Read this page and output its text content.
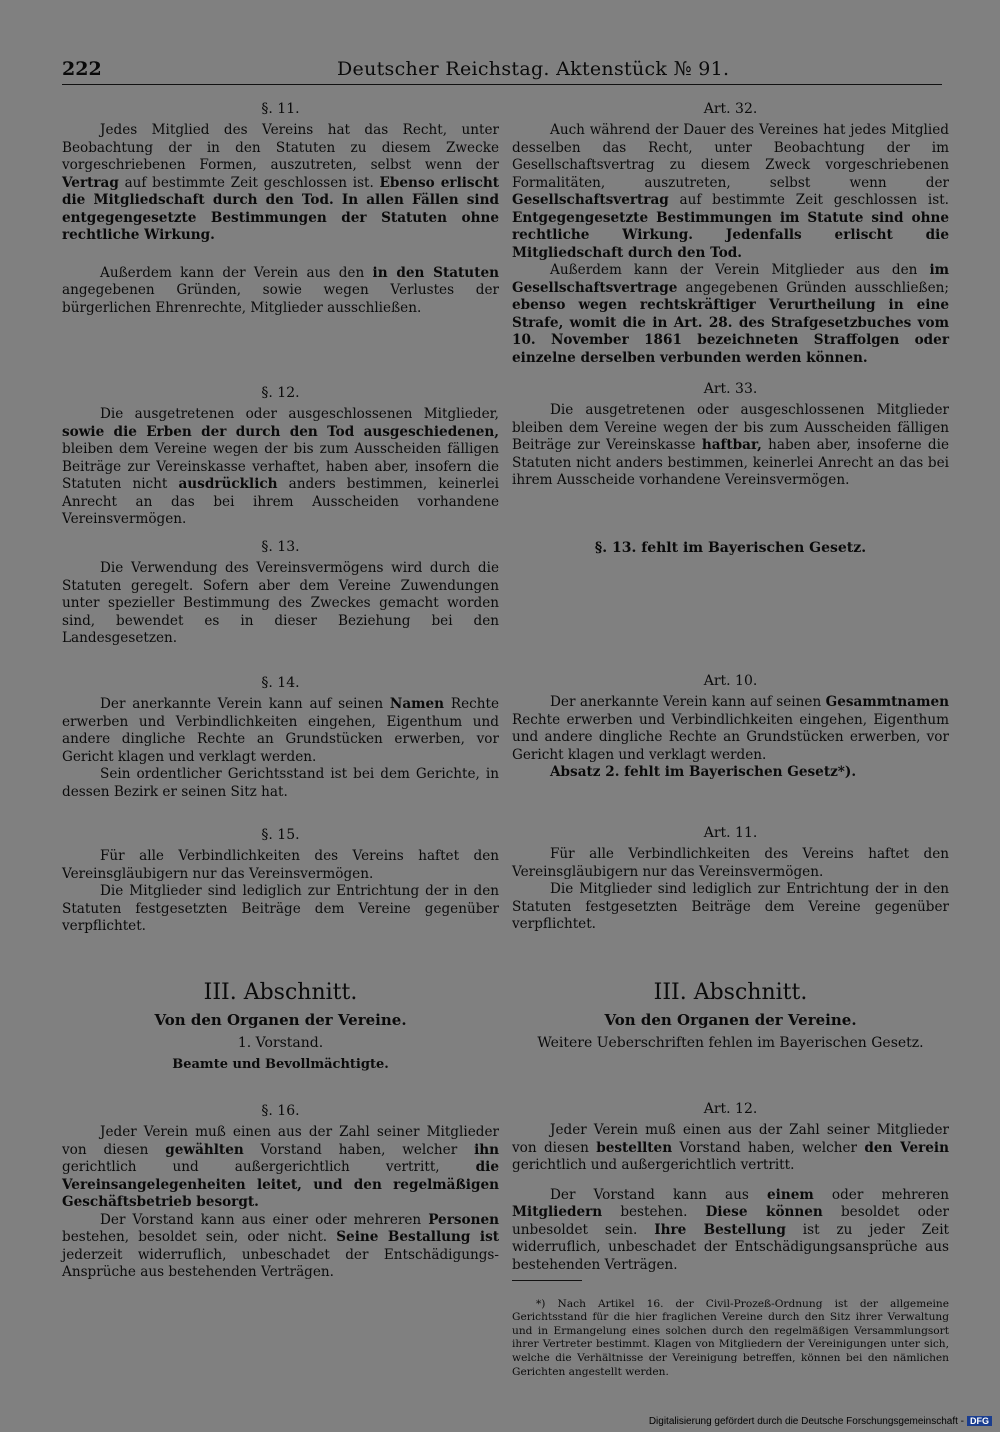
222	Deutscher Reichstag. Aktenstück № 91.
§. 11.

Jedes Mitglied des Vereins hat das Recht, unter Beobachtung der in den Statuten zu diesem Zwecke vorgeschriebenen Formen, auszutreten, selbst wenn der Vertrag auf bestimmte Zeit geschlossen ist. Ebenso erlischt die Mitgliedschaft durch den Tod. In allen Fällen sind entgegengesetzte Bestimmungen der Statuten ohne rechtliche Wirkung.

Außerdem kann der Verein aus den in den Statuten angegebenen Gründen, sowie wegen Verlustes der bürgerlichen Ehrenrechte, Mitglieder ausschließen.

§. 12.

Die ausgetretenen oder ausgeschlossenen Mitglieder, sowie die Erben der durch den Tod ausgeschiedenen, bleiben dem Vereine wegen der bis zum Ausscheiden fälligen Beiträge zur Vereinskasse verhaftet, haben aber, insofern die Statuten nicht ausdrücklich anders bestimmen, keinerlei Anrecht an das bei ihrem Ausscheiden vorhandene Vereinsvermögen.

§. 13.

Die Verwendung des Vereinsvermögens wird durch die Statuten geregelt. Sofern aber dem Vereine Zuwendungen unter spezieller Bestimmung des Zweckes gemacht worden sind, bewendet es in dieser Beziehung bei den Landesgesetzen.

§. 14.

Der anerkannte Verein kann auf seinen Namen Rechte erwerben und Verbindlichkeiten eingehen, Eigenthum und andere dingliche Rechte an Grundstücken erwerben, vor Gericht klagen und verklagt werden.

Sein ordentlicher Gerichtsstand ist bei dem Gerichte, in dessen Bezirk er seinen Sitz hat.

§. 15.

Für alle Verbindlichkeiten des Vereins haftet den Vereinsgläubigern nur das Vereinsvermögen.

Die Mitglieder sind lediglich zur Entrichtung der in den Statuten festgesetzten Beiträge dem Vereine gegenüber verpflichtet.

III. Abschnitt.
Von den Organen der Vereine.
1. Vorstand.
Beamte und Bevollmächtigte.
§. 16.

Jeder Verein muß einen aus der Zahl seiner Mitglieder von diesen gewählten Vorstand haben, welcher ihn gerichtlich und außergerichtlich vertritt, die Vereinsangelegenheiten leitet, und den regelmäßigen Geschäftsbetrieb besorgt.

Der Vorstand kann aus einer oder mehreren Personen bestehen, besoldet sein, oder nicht. Seine Bestallung ist jederzeit widerruflich, unbeschadet der Entschädigungs-Ansprüche aus bestehenden Verträgen.

Art. 32.

Auch während der Dauer des Vereines hat jedes Mitglied desselben das Recht, unter Beobachtung der im Gesellschaftsvertrag zu diesem Zweck vorgeschriebenen Formalitäten, auszutreten, selbst wenn der Gesellschaftsvertrag auf bestimmte Zeit geschlossen ist. Entgegengesetzte Bestimmungen im Statute sind ohne rechtliche Wirkung. Jedenfalls erlischt die Mitgliedschaft durch den Tod.

Außerdem kann der Verein Mitglieder aus den im Gesellschaftsvertrage angegebenen Gründen ausschließen; ebenso wegen rechtskräftiger Verurtheilung in eine Strafe, womit die in Art. 28. des Strafgesetzbuches vom 10. November 1861 bezeichneten Straffolgen oder einzelne derselben verbunden werden können.

Art. 33.

Die ausgetretenen oder ausgeschlossenen Mitglieder bleiben dem Vereine wegen der bis zum Ausscheiden fälligen Beiträge zur Vereinskasse haftbar, haben aber, insoferne die Statuten nicht anders bestimmen, keinerlei Anrecht an das bei ihrem Ausscheide vorhandene Vereinsvermögen.

§. 13. fehlt im Bayerischen Gesetz.
Art. 10.

Der anerkannte Verein kann auf seinen Gesammtnamen Rechte erwerben und Verbindlichkeiten eingehen, Eigenthum und andere dingliche Rechte an Grundstücken erwerben, vor Gericht klagen und verklagt werden.

Absatz 2. fehlt im Bayerischen Gesetz*).

Art. 11.

Für alle Verbindlichkeiten des Vereins haftet den Vereinsgläubigern nur das Vereinsvermögen.

Die Mitglieder sind lediglich zur Entrichtung der in den Statuten festgesetzten Beiträge dem Vereine gegenüber verpflichtet.

III. Abschnitt.
Von den Organen der Vereine.
Weitere Ueberschriften fehlen im Bayerischen Gesetz.
Art. 12.

Jeder Verein muß einen aus der Zahl seiner Mitglieder von diesen bestellten Vorstand haben, welcher den Verein gerichtlich und außergerichtlich vertritt.

Der Vorstand kann aus einem oder mehreren Mitgliedern bestehen. Diese können besoldet oder unbesoldet sein. Ihre Bestellung ist zu jeder Zeit widerruflich, unbeschadet der Entschädigungsansprüche aus bestehenden Verträgen.

*) Nach Artikel 16. der Civil-Prozeß-Ordnung ist der allgemeine Gerichtsstand für die hier fraglichen Vereine durch den Sitz ihrer Verwaltung und in Ermangelung eines solchen durch den regelmäßigen Versammlungsort ihrer Vertreter bestimmt. Klagen von Mitgliedern der Vereinigungen unter sich, welche die Verhältnisse der Vereinigung betreffen, können bei den nämlichen Gerichten angestellt werden.

Digitalisierung gefördert durch die Deutsche Forschungsgemeinschaft - DFG
